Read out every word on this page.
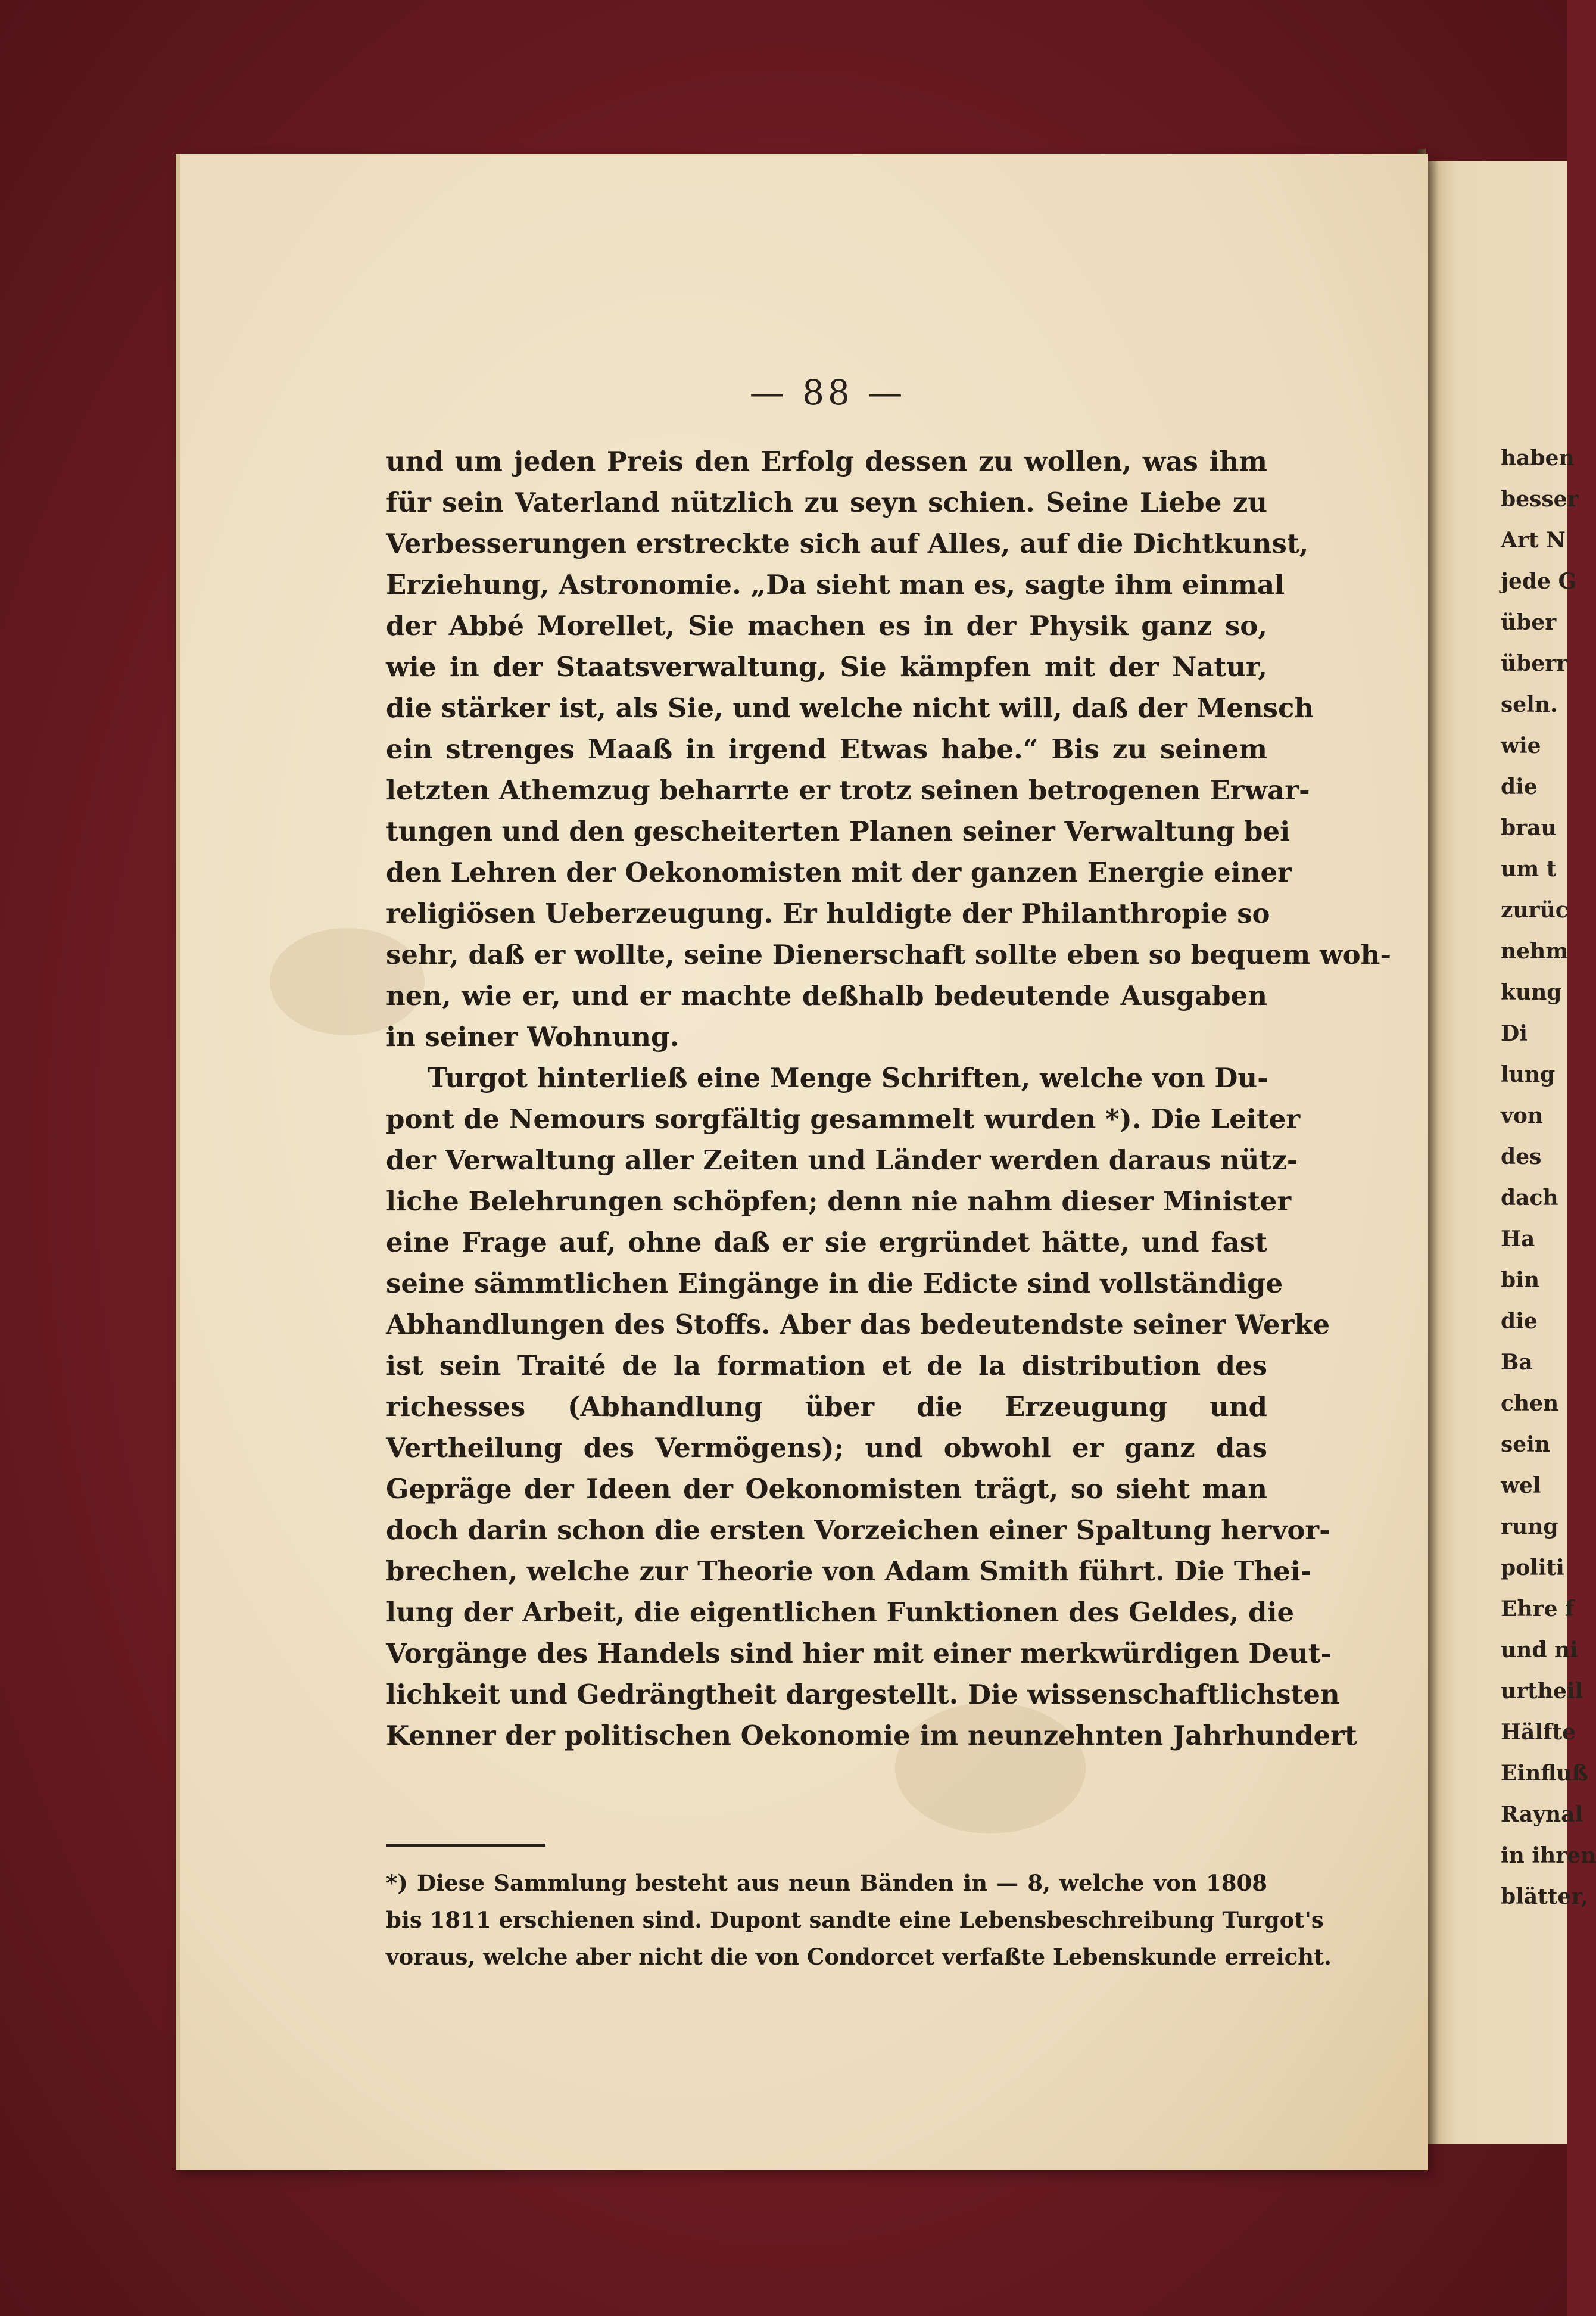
— 88 —
und um jeden Preis den Erfolg dessen zu wollen, was ihm
für sein Vaterland nützlich zu seyn schien. Seine Liebe zu
Verbesserungen erstreckte sich auf Alles, auf die Dichtkunst,
Erziehung, Astronomie. „Da sieht man es, sagte ihm einmal
der Abbé Morellet, Sie machen es in der Physik ganz so,
wie in der Staatsverwaltung, Sie kämpfen mit der Natur,
die stärker ist, als Sie, und welche nicht will, daß der Mensch
ein strenges Maaß in irgend Etwas habe.“ Bis zu seinem
letzten Athemzug beharrte er trotz seinen betrogenen Erwar-
tungen und den gescheiterten Planen seiner Verwaltung bei
den Lehren der Oekonomisten mit der ganzen Energie einer
religiösen Ueberzeugung. Er huldigte der Philanthropie so
sehr, daß er wollte, seine Dienerschaft sollte eben so bequem woh-
nen, wie er, und er machte deßhalb bedeutende Ausgaben
in seiner Wohnung.
Turgot hinterließ eine Menge Schriften, welche von Du-
pont de Nemours sorgfältig gesammelt wurden *). Die Leiter
der Verwaltung aller Zeiten und Länder werden daraus nütz-
liche Belehrungen schöpfen; denn nie nahm dieser Minister
eine Frage auf, ohne daß er sie ergründet hätte, und fast
seine sämmtlichen Eingänge in die Edicte sind vollständige
Abhandlungen des Stoffs. Aber das bedeutendste seiner Werke
ist sein Traité de la formation et de la distribution des
richesses (Abhandlung über die Erzeugung und
Vertheilung des Vermögens); und obwohl er ganz das
Gepräge der Ideen der Oekonomisten trägt, so sieht man
doch darin schon die ersten Vorzeichen einer Spaltung hervor-
brechen, welche zur Theorie von Adam Smith führt. Die Thei-
lung der Arbeit, die eigentlichen Funktionen des Geldes, die
Vorgänge des Handels sind hier mit einer merkwürdigen Deut-
lichkeit und Gedrängtheit dargestellt. Die wissenschaftlichsten
Kenner der politischen Oekonomie im neunzehnten Jahrhundert
*) Diese Sammlung besteht aus neun Bänden in — 8, welche von 1808
bis 1811 erschienen sind. Dupont sandte eine Lebensbeschreibung Turgot's
voraus, welche aber nicht die von Condorcet verfaßte Lebenskunde erreicht.
haben
besser
Art N
jede G
über
überr
seln.
wie
die
brau
um t
zurüc
nehm
kung
Di
lung
von
des
dach
Ha
bin
die
Ba
chen
sein
wel
rung
politi
Ehre f
und ni
urtheil
Hälfte
Einfluß
Raynal
in ihren
blätter,
